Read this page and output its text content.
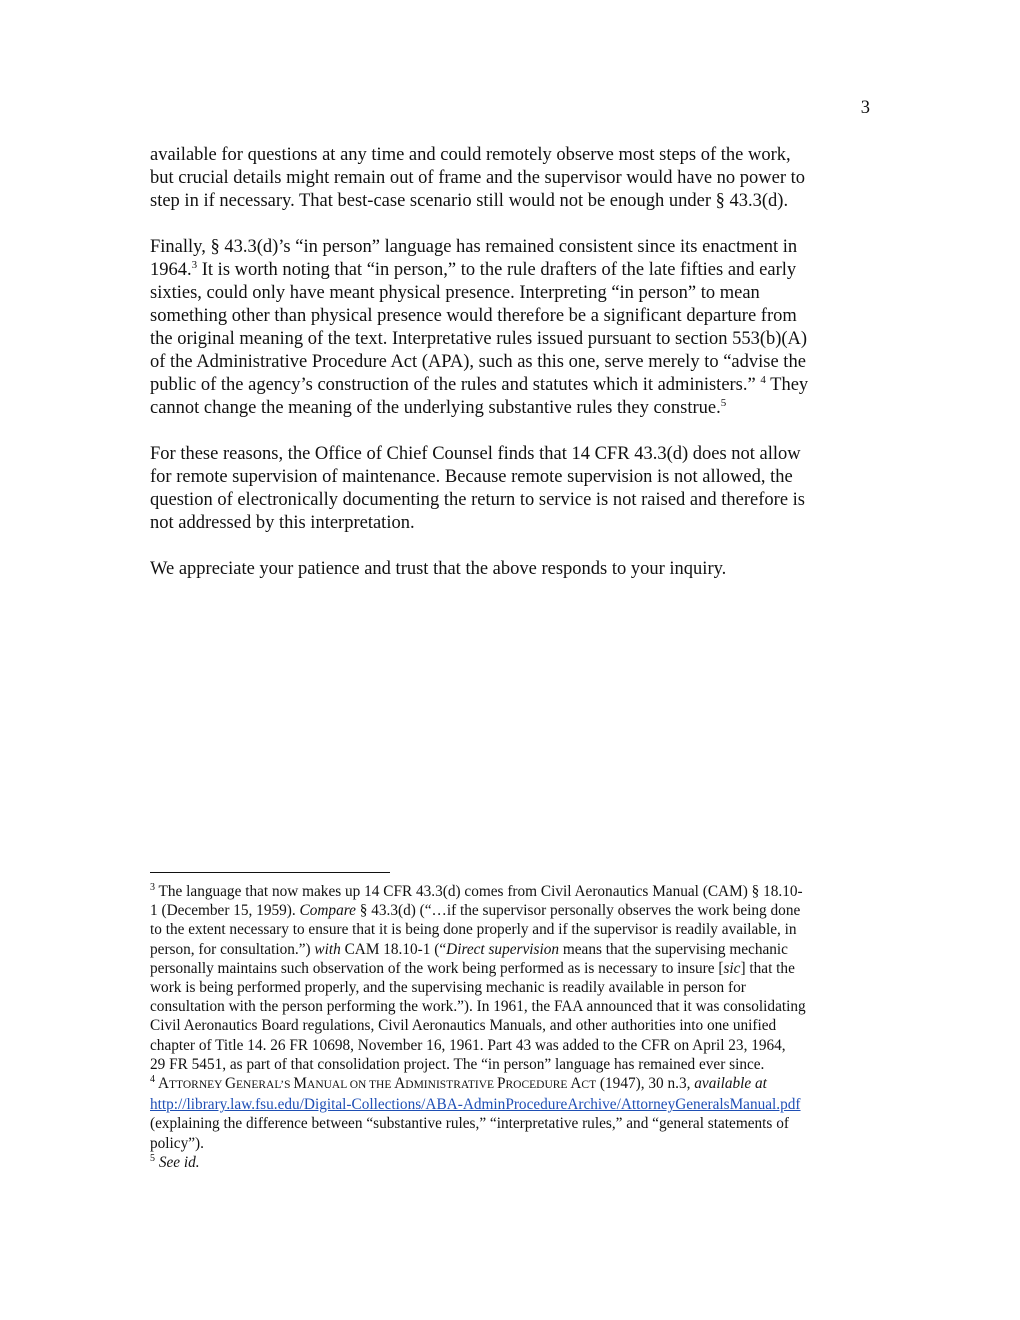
3

available for questions at any time and could remotely observe most steps of the work,
but crucial details might remain out of frame and the supervisor would have no power to
step in if necessary. That best-case scenario still would not be enough under § 43.3(d).

Finally, § 43.3(d)’s “in person” language has remained consistent since its enactment in
1964.$^3$ It is worth noting that “in person,” to the rule drafters of the late fifties and early
sixties, could only have meant physical presence. Interpreting “in person” to mean
something other than physical presence would therefore be a significant departure from
the original meaning of the text. Interpretative rules issued pursuant to section 553(b)(A)
of the Administrative Procedure Act (APA), such as this one, serve merely to “advise the
public of the agency’s construction of the rules and statutes which it administers.” $^4$ They
cannot change the meaning of the underlying substantive rules they construe.$^5$

For these reasons, the Office of Chief Counsel finds that 14 CFR 43.3(d) does not allow
for remote supervision of maintenance. Because remote supervision is not allowed, the
question of electronically documenting the return to service is not raised and therefore is
not addressed by this interpretation.

We appreciate your patience and trust that the above responds to your inquiry.

$^3$ The language that now makes up 14 CFR 43.3(d) comes from Civil Aeronautics Manual (CAM) § 18.10-
1 (December 15, 1959). Compare § 43.3(d) (“…if the supervisor personally observes the work being done
to the extent necessary to ensure that it is being done properly and if the supervisor is readily available, in
person, for consultation.”) with CAM 18.10-1 (“Direct supervision means that the supervising mechanic
personally maintains such observation of the work being performed as is necessary to insure [sic] that the
work is being performed properly, and the supervising mechanic is readily available in person for
consultation with the person performing the work.”). In 1961, the FAA announced that it was consolidating
Civil Aeronautics Board regulations, Civil Aeronautics Manuals, and other authorities into one unified
chapter of Title 14. 26 FR 10698, November 16, 1961. Part 43 was added to the CFR on April 23, 1964,
29 FR 5451, as part of that consolidation project. The “in person” language has remained ever since.
$^4$ ATTORNEY GENERAL’S MANUAL ON THE ADMINISTRATIVE PROCEDURE ACT (1947), 30 n.3, available at
http://library.law.fsu.edu/Digital-Collections/ABA-AdminProcedureArchive/AttorneyGeneralsManual.pdf
(explaining the difference between “substantive rules,” “interpretative rules,” and “general statements of
policy”).
$^5$ See id.
